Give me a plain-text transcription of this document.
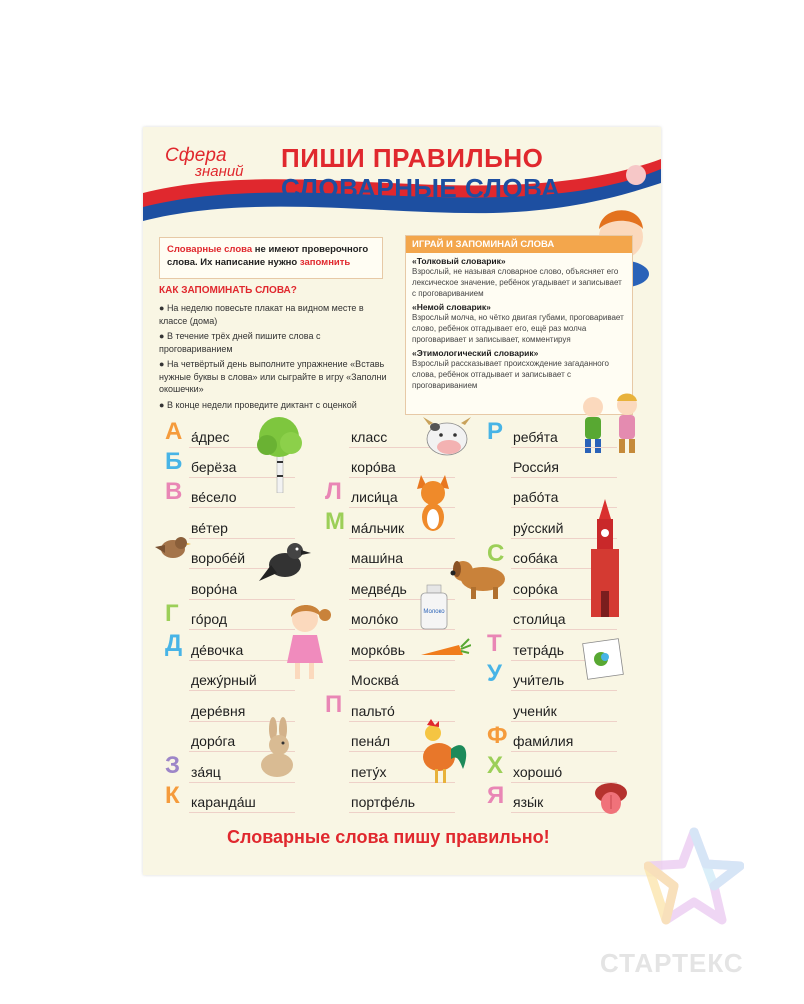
Сфера
знаний ПИШИ ПРАВИЛЬНО
СЛОВАРНЫЕ СЛОВА
Словарные слова не имеют проверочного слова. Их написание нужно запомнить
КАК ЗАПОМИНАТЬ СЛОВА?
● На неделю повесьте плакат на видном месте в классе (дома)
● В течение трёх дней пишите слова с проговариванием
● На четвёртый день выполните упражнение «Вставь нужные буквы в слова» или сыграйте в игру «Заполни окошечки»
● В конце недели проведите диктант с оценкой
ИГРАЙ И ЗАПОМИНАЙ СЛОВА
«Толковый словарик»
Взрослый, не называя словарное слово, объясняет его лексическое значение, ребёнок угадывает и записывает с проговариванием
«Немой словарик»
Взрослый молча, но чётко двигая губами, проговаривает слово, ребёнок отгадывает его, ещё раз молча проговаривает и записывает, комментируя
«Этимологический словарик»
Взрослый рассказывает происхождение загаданного слова, ребёнок отгадывает и записывает с проговариванием
А
Б
В
Г
Д
З
К
Л
М
П
Р
С
Т
У
Ф
Х
Я
а́дрес
берёза
ве́село
ве́тер
воробе́й
воро́на
го́род
де́вочка
дежу́рный
дере́вня
доро́га
за́яц
каранда́ш
класс
коро́ва
лиси́ца
ма́льчик
маши́на
медве́дь
моло́ко
морко́вь
Москва́
пальто́
пена́л
пету́х
портфе́ль
ребя́та
Росси́я
рабо́та
ру́сский
соба́ка
соро́ка
столи́ца
тетра́дь
учи́тель
учени́к
фами́лия
хорошо́
язы́к
Молоко
Словарные слова пишу правильно!
СТАРТЕКС
